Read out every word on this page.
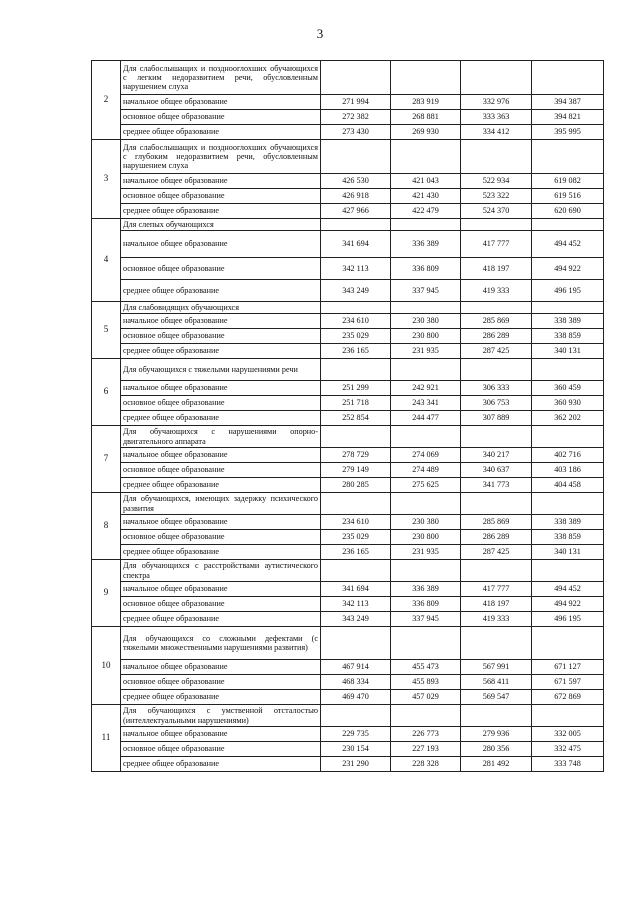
3
2	Для слабослышащих и позднооглохших обучающихся с легким недоразвитием речи, обусловленным нарушением слуха				
	начальное общее образование	271 994	283 919	332 976	394 387
	основное общее образование	272 382	268 881	333 363	394 821
	среднее общее образование	273 430	269 930	334 412	395 995
3	Для слабослышащих и позднооглохших обучающихся с глубоким недоразвитием речи, обусловленным нарушением слуха				
	начальное общее образование	426 530	421 043	522 934	619 082
	основное общее образование	426 918	421 430	523 322	619 516
	среднее общее образование	427 966	422 479	524 370	620 690
4	Для слепых обучающихся				
	начальное общее образование	341 694	336 389	417 777	494 452
	основное общее образование	342 113	336 809	418 197	494 922
	среднее общее образование	343 249	337 945	419 333	496 195
5	Для слабовидящих обучающихся				
	начальное общее образование	234 610	230 380	285 869	338 389
	основное общее образование	235 029	230 800	286 289	338 859
	среднее общее образование	236 165	231 935	287 425	340 131
6	Для обучающихся с тяжелыми нарушениями речи				
	начальное общее образование	251 299	242 921	306 333	360 459
	основное общее образование	251 718	243 341	306 753	360 930
	среднее общее образование	252 854	244 477	307 889	362 202
7	Для обучающихся с нарушениями опорно-двигательного аппарата				
	начальное общее образование	278 729	274 069	340 217	402 716
	основное общее образование	279 149	274 489	340 637	403 186
	среднее общее образование	280 285	275 625	341 773	404 458
8	Для обучающихся, имеющих задержку психического развития				
	начальное общее образование	234 610	230 380	285 869	338 389
	основное общее образование	235 029	230 800	286 289	338 859
	среднее общее образование	236 165	231 935	287 425	340 131
9	Для обучающихся с расстройствами аутистического спектра				
	начальное общее образование	341 694	336 389	417 777	494 452
	основное общее образование	342 113	336 809	418 197	494 922
	среднее общее образование	343 249	337 945	419 333	496 195
10	Для обучающихся со сложными дефектами (с тяжелыми множественными нарушениями развития)				
	начальное общее образование	467 914	455 473	567 991	671 127
	основное общее образование	468 334	455 893	568 411	671 597
	среднее общее образование	469 470	457 029	569 547	672 869
11	Для обучающихся с умственной отсталостью (интеллектуальными нарушениями)				
	начальное общее образование	229 735	226 773	279 936	332 005
	основное общее образование	230 154	227 193	280 356	332 475
	среднее общее образование	231 290	228 328	281 492	333 748
